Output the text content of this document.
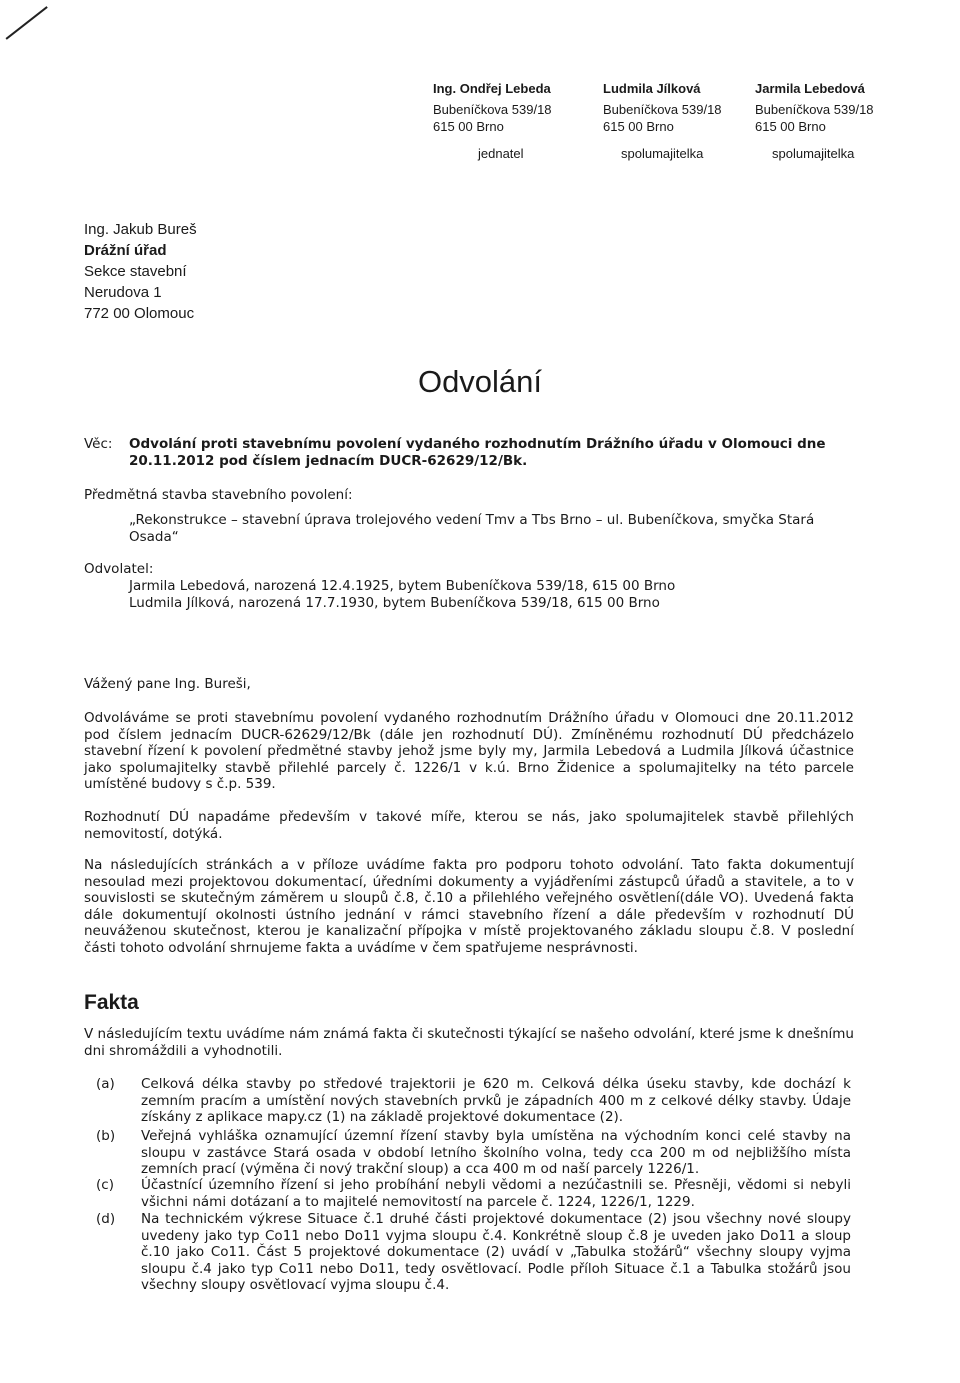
Ing. Ondřej Lebeda
Bubeníčkova 539/18
615 00 Brno
jednatel
Ludmila Jílková
Bubeníčkova 539/18
615 00 Brno
spolumajitelka
Jarmila Lebedová
Bubeníčkova 539/18
615 00 Brno
spolumajitelka
Ing. Jakub Bureš
Drážní úřad
Sekce stavební
Nerudova 1
772 00 Olomouc
Odvolání
Věc: Odvolání proti stavebnímu povolení vydaného rozhodnutím Drážního úřadu v Olomouci dne
20.11.2012 pod číslem jednacím DUCR-62629/12/Bk.
Předmětná stavba stavebního povolení:
„Rekonstrukce – stavební úprava trolejového vedení Tmv a Tbs Brno – ul. Bubeníčkova, smyčka Stará
Osada“
Odvolatel:
Jarmila Lebedová, narozená 12.4.1925, bytem Bubeníčkova 539/18, 615 00 Brno
Ludmila Jílková, narozená 17.7.1930, bytem Bubeníčkova 539/18, 615 00 Brno
Vážený pane Ing. Bureši,
Odvoláváme se proti stavebnímu povolení vydaného rozhodnutím Drážního úřadu v Olomouci dne 20.11.2012 pod číslem jednacím DUCR-62629/12/Bk (dále jen rozhodnutí DÚ). Zmíněnému rozhodnutí DÚ předcházelo stavební řízení k povolení předmětné stavby jehož jsme byly my, Jarmila Lebedová a Ludmila Jílková účastnice jako spolumajitelky stavbě přilehlé parcely č. 1226/1 v k.ú. Brno Židenice a spolumajitelky na této parcele umístěné budovy s č.p. 539.
Rozhodnutí DÚ napadáme především v takové míře, kterou se nás, jako spolumajitelek stavbě přilehlých nemovitostí, dotýká.
Na následujících stránkách a v příloze uvádíme fakta pro podporu tohoto odvolání. Tato fakta dokumentují nesoulad mezi projektovou dokumentací, úředními dokumenty a vyjádřeními zástupců úřadů a stavitele, a to v souvislosti se skutečným záměrem u sloupů č.8, č.10 a přilehlého veřejného osvětlení(dále VO). Uvedená fakta dále dokumentují okolnosti ústního jednání v rámci stavebního řízení a dále především v rozhodnutí DÚ neuváženou skutečnost, kterou je kanalizační přípojka v místě projektovaného základu sloupu č.8. V poslední části tohoto odvolání shrnujeme fakta a uvádíme v čem spatřujeme nesprávnosti.
Fakta
V následujícím textu uvádíme nám známá fakta či skutečnosti týkající se našeho odvolání, které jsme k dnešnímu dni shromáždili a vyhodnotili.
(a) Celková délka stavby po středové trajektorii je 620 m. Celková délka úseku stavby, kde dochází k zemním pracím a umístění nových stavebních prvků je západních 400 m z celkové délky stavby. Údaje získány z aplikace mapy.cz (1) na základě projektové dokumentace (2).
(b) Veřejná vyhláška oznamující územní řízení stavby byla umístěna na východním konci celé stavby na sloupu v zastávce Stará osada v období letního školního volna, tedy cca 200 m od nejbližšího místa zemních prací (výměna či nový trakční sloup) a cca 400 m od naší parcely 1226/1.
(c) Účastnící územního řízení si jeho probíhání nebyli vědomi a nezúčastnili se. Přesněji, vědomi si nebyli všichni námi dotázaní a to majitelé nemovitostí na parcele č. 1224, 1226/1, 1229.
(d) Na technickém výkrese Situace č.1 druhé části projektové dokumentace (2) jsou všechny nové sloupy uvedeny jako typ Co11 nebo Do11 vyjma sloupu č.4. Konkrétně sloup č.8 je uveden jako Do11 a sloup č.10 jako Co11. Část 5 projektové dokumentace (2) uvádí v „Tabulka stožárů“ všechny sloupy vyjma sloupu č.4 jako typ Co11 nebo Do11, tedy osvětlovací. Podle příloh Situace č.1 a Tabulka stožárů jsou všechny sloupy osvětlovací vyjma sloupu č.4.
